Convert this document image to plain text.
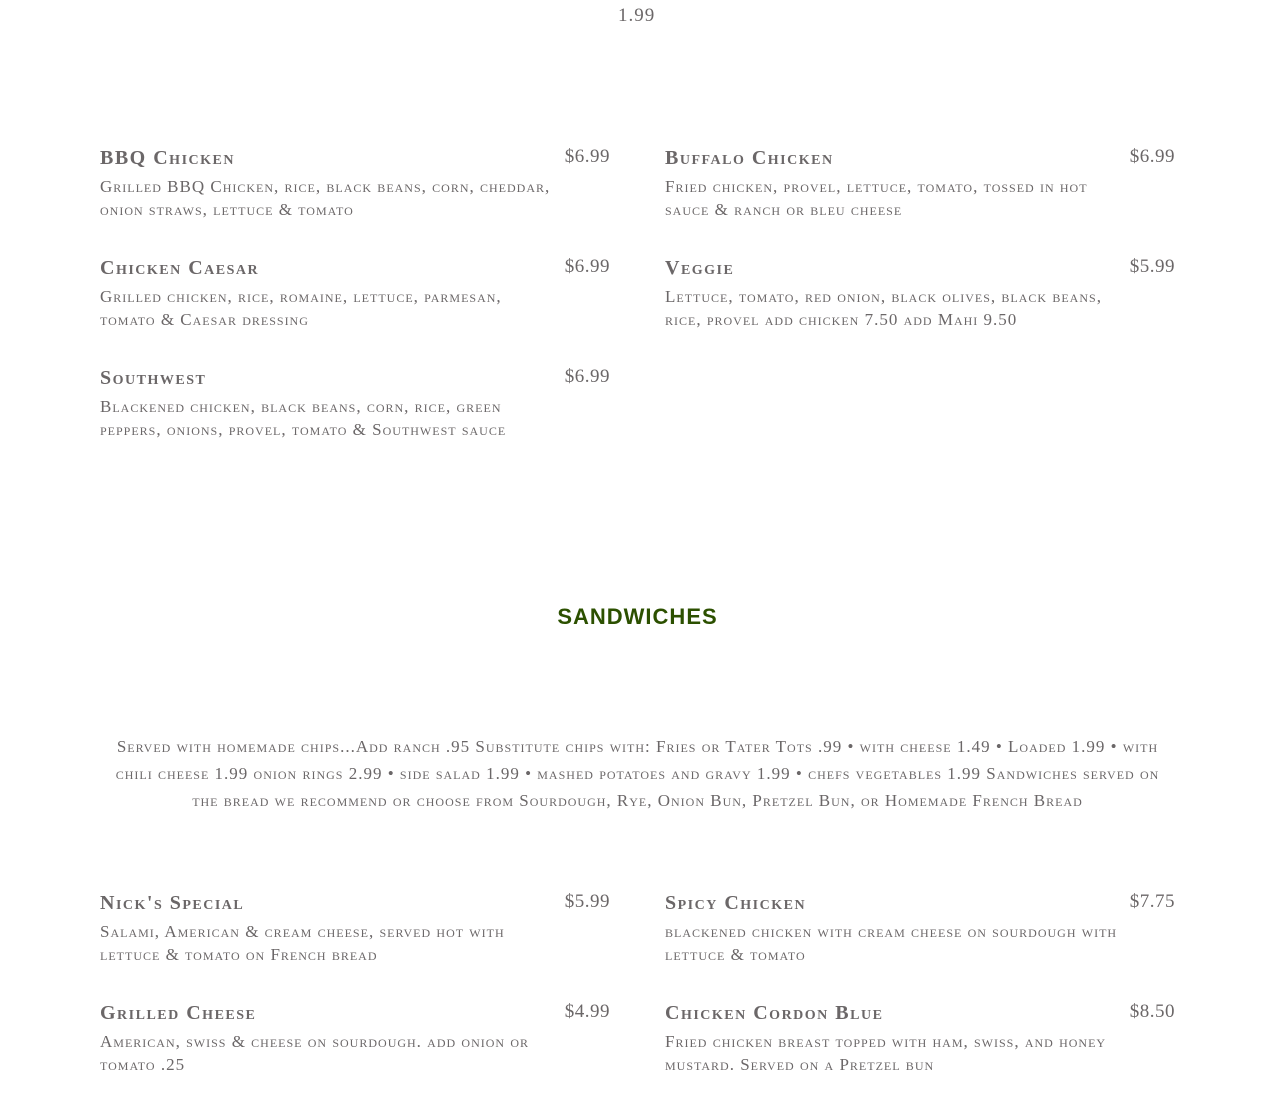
1.99
BBQ Chicken	$6.99
Grilled BBQ Chicken, rice, black beans, corn, cheddar, onion straws, lettuce & tomato
Buffalo Chicken	$6.99
Fried chicken, provel, lettuce, tomato, tossed in hot sauce & ranch or bleu cheese
Chicken Caesar	$6.99
Grilled chicken, rice, romaine, lettuce, parmesan, tomato & Caesar dressing
Veggie	$5.99
Lettuce, tomato, red onion, black olives, black beans, rice, provel add chicken 7.50 add Mahi 9.50
Southwest	$6.99
Blackened chicken, black beans, corn, rice, green peppers, onions, provel, tomato & Southwest sauce
SANDWICHES
Served with homemade chips...Add ranch .95 Substitute chips with: Fries or Tater Tots .99 • with cheese 1.49 • Loaded 1.99 • with chili cheese 1.99 onion rings 2.99 • side salad 1.99 • mashed potatoes and gravy 1.99 • chefs vegetables 1.99 Sandwiches served on the bread we recommend or choose from Sourdough, Rye, Onion Bun, Pretzel Bun, or Homemade French Bread
Nick's Special	$5.99
Salami, American & cream cheese, served hot with lettuce & tomato on French bread
Spicy Chicken	$7.75
blackened chicken with cream cheese on sourdough with lettuce & tomato
Grilled Cheese	$4.99
American, swiss & cheese on sourdough. add onion or tomato .25
Chicken Cordon Blue	$8.50
Fried chicken breast topped with ham, swiss, and honey mustard. Served on a Pretzel bun
